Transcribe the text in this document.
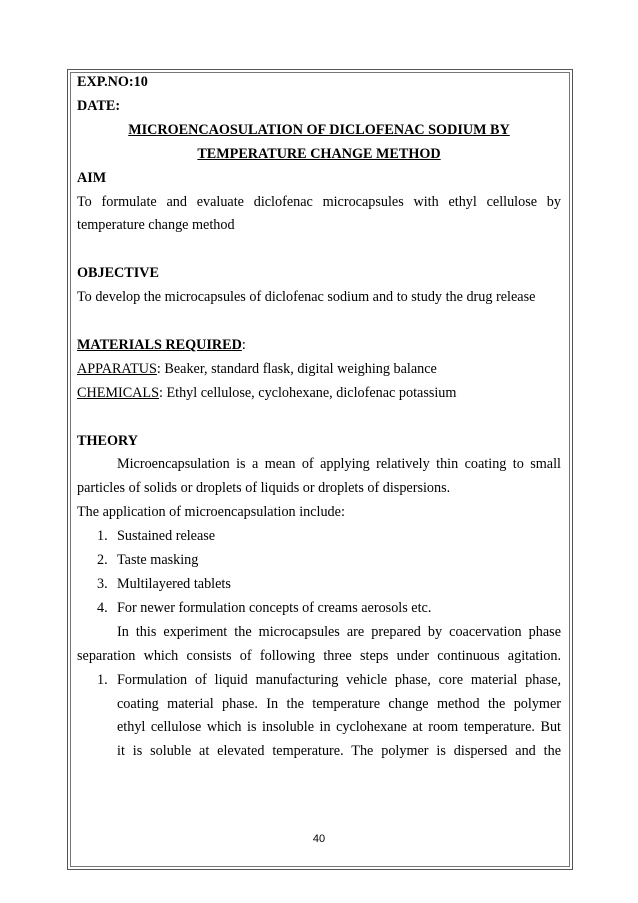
EXP.NO:10

DATE:

MICROENCAOSULATION OF DICLOFENAC SODIUM BY

TEMPERATURE CHANGE METHOD

AIM

To formulate and evaluate diclofenac microcapsules with ethyl cellulose by

temperature change method

OBJECTIVE

To develop the microcapsules of diclofenac sodium and to study the drug release

MATERIALS REQUIRED:

APPARATUS: Beaker, standard flask, digital weighing balance

CHEMICALS: Ethyl cellulose, cyclohexane, diclofenac potassium

THEORY

Microencapsulation is a mean of applying relatively thin coating to small

particles of solids or droplets of liquids or droplets of dispersions.

The application of microencapsulation include:

1. Sustained release
2. Taste masking
3. Multilayered tablets
4. For newer formulation concepts of creams aerosols etc.

In this experiment the microcapsules are prepared by coacervation phase

separation which consists of following three steps under continuous agitation.

1. Formulation of liquid manufacturing vehicle phase, core material phase,

coating material phase. In the temperature change method the polymer

ethyl cellulose which is insoluble in cyclohexane at room temperature. But

it is soluble at elevated temperature. The polymer is dispersed and the

40
